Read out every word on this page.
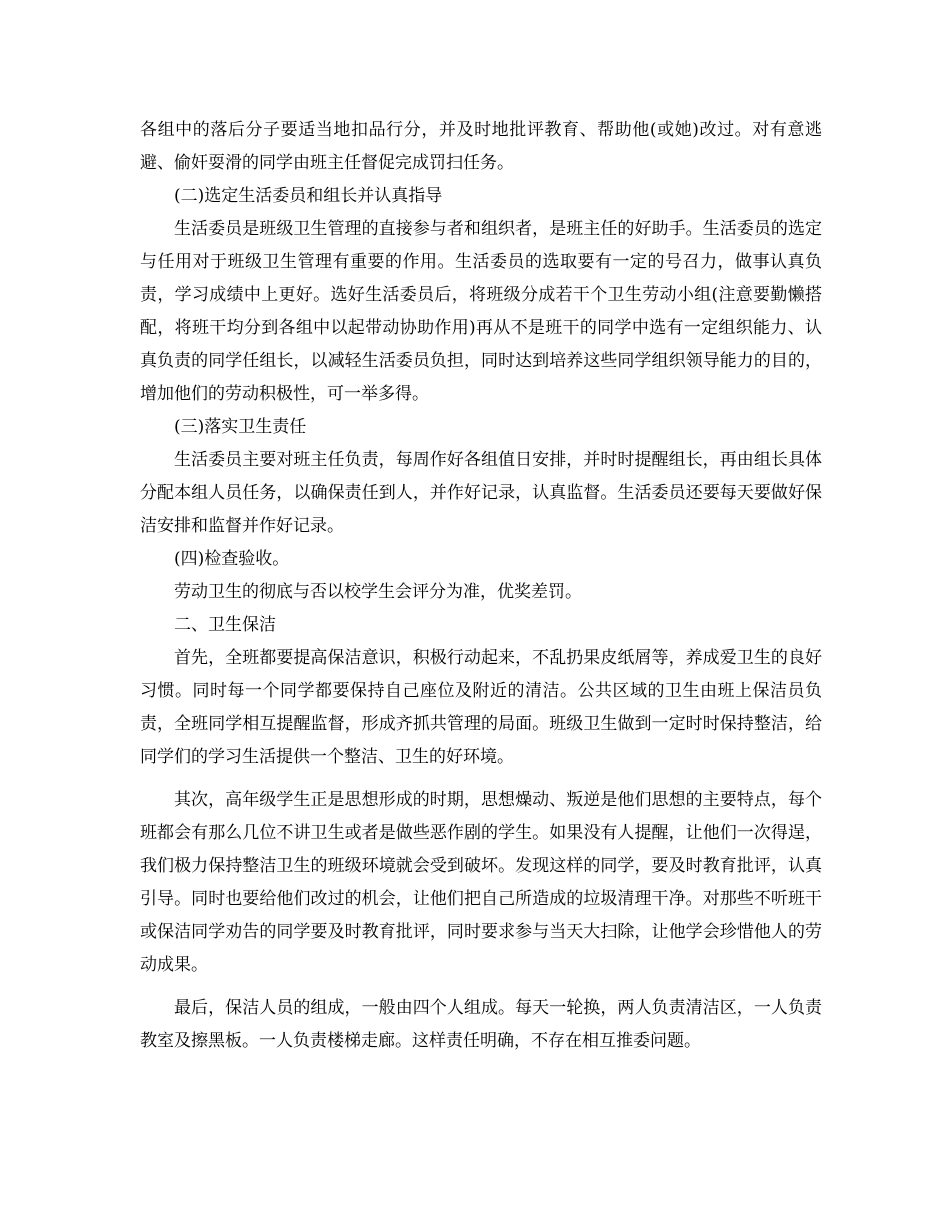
各组中的落后分子要适当地扣品行分，并及时地批评教育、帮助他(或她)改过。对有意逃避、偷奸耍滑的同学由班主任督促完成罚扫任务。

(二)选定生活委员和组长并认真指导

生活委员是班级卫生管理的直接参与者和组织者，是班主任的好助手。生活委员的选定与任用对于班级卫生管理有重要的作用。生活委员的选取要有一定的号召力，做事认真负责，学习成绩中上更好。选好生活委员后，将班级分成若干个卫生劳动小组(注意要勤懒搭配，将班干均分到各组中以起带动协助作用)再从不是班干的同学中选有一定组织能力、认真负责的同学任组长，以减轻生活委员负担，同时达到培养这些同学组织领导能力的目的，增加他们的劳动积极性，可一举多得。

(三)落实卫生责任

生活委员主要对班主任负责，每周作好各组值日安排，并时时提醒组长，再由组长具体分配本组人员任务，以确保责任到人，并作好记录，认真监督。生活委员还要每天要做好保洁安排和监督并作好记录。

(四)检查验收。

劳动卫生的彻底与否以校学生会评分为准，优奖差罚。

二、卫生保洁

首先，全班都要提高保洁意识，积极行动起来，不乱扔果皮纸屑等，养成爱卫生的良好习惯。同时每一个同学都要保持自己座位及附近的清洁。公共区域的卫生由班上保洁员负责，全班同学相互提醒监督，形成齐抓共管理的局面。班级卫生做到一定时时保持整洁，给同学们的学习生活提供一个整洁、卫生的好环境。

其次，高年级学生正是思想形成的时期，思想燥动、叛逆是他们思想的主要特点，每个班都会有那么几位不讲卫生或者是做些恶作剧的学生。如果没有人提醒，让他们一次得逞，我们极力保持整洁卫生的班级环境就会受到破坏。发现这样的同学，要及时教育批评，认真引导。同时也要给他们改过的机会，让他们把自己所造成的垃圾清理干净。对那些不听班干或保洁同学劝告的同学要及时教育批评，同时要求参与当天大扫除，让他学会珍惜他人的劳动成果。

最后，保洁人员的组成，一般由四个人组成。每天一轮换，两人负责清洁区，一人负责教室及擦黑板。一人负责楼梯走廊。这样责任明确，不存在相互推委问题。
